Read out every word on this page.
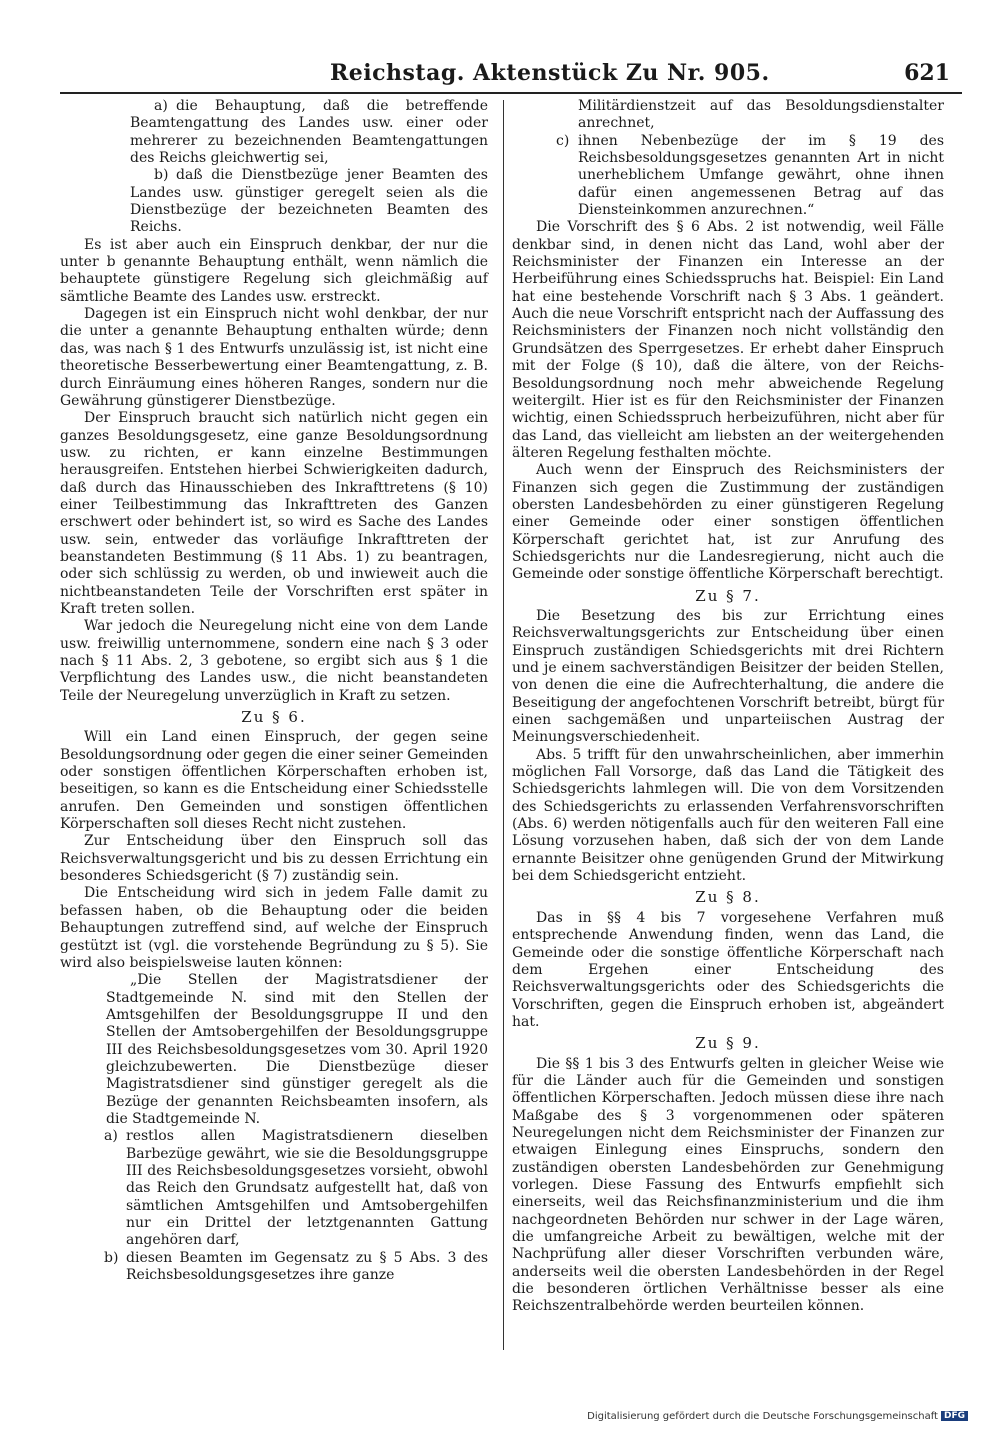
Reichstag. Aktenstück Zu Nr. 905.	621

a) die Behauptung, daß die betreffende Beamtengattung des Landes usw. einer oder mehrerer zu bezeichnenden Beamtengattungen des Reichs gleichwertig sei,

b) daß die Dienstbezüge jener Beamten des Landes usw. günstiger geregelt seien als die Dienstbezüge der bezeichneten Beamten des Reichs.

Es ist aber auch ein Einspruch denkbar, der nur die unter b genannte Behauptung enthält, wenn nämlich die behauptete günstigere Regelung sich gleichmäßig auf sämtliche Beamte des Landes usw. erstreckt.

Dagegen ist ein Einspruch nicht wohl denkbar, der nur die unter a genannte Behauptung enthalten würde; denn das, was nach § 1 des Entwurfs unzulässig ist, ist nicht eine theoretische Besserbewertung einer Beamtengattung, z. B. durch Einräumung eines höheren Ranges, sondern nur die Gewährung günstigerer Dienstbezüge.

Der Einspruch braucht sich natürlich nicht gegen ein ganzes Besoldungsgesetz, eine ganze Besoldungsordnung usw. zu richten, er kann einzelne Bestimmungen herausgreifen. Entstehen hierbei Schwierigkeiten dadurch, daß durch das Hinausschieben des Inkrafttretens (§ 10) einer Teilbestimmung das Inkrafttreten des Ganzen erschwert oder behindert ist, so wird es Sache des Landes usw. sein, entweder das vorläufige Inkrafttreten der beanstandeten Bestimmung (§ 11 Abs. 1) zu beantragen, oder sich schlüssig zu werden, ob und inwieweit auch die nichtbeanstandeten Teile der Vorschriften erst später in Kraft treten sollen.

War jedoch die Neuregelung nicht eine von dem Lande usw. freiwillig unternommene, sondern eine nach § 3 oder nach § 11 Abs. 2, 3 gebotene, so ergibt sich aus § 1 die Verpflichtung des Landes usw., die nicht beanstandeten Teile der Neuregelung unverzüglich in Kraft zu setzen.

Zu § 6.

Will ein Land einen Einspruch, der gegen seine Besoldungsordnung oder gegen die einer seiner Gemeinden oder sonstigen öffentlichen Körperschaften erhoben ist, beseitigen, so kann es die Entscheidung einer Schiedsstelle anrufen. Den Gemeinden und sonstigen öffentlichen Körperschaften soll dieses Recht nicht zustehen.

Zur Entscheidung über den Einspruch soll das Reichsverwaltungsgericht und bis zu dessen Errichtung ein besonderes Schiedsgericht (§ 7) zuständig sein.

Die Entscheidung wird sich in jedem Falle damit zu befassen haben, ob die Behauptung oder die beiden Behauptungen zutreffend sind, auf welche der Einspruch gestützt ist (vgl. die vorstehende Begründung zu § 5). Sie wird also beispielsweise lauten können:

„Die Stellen der Magistratsdiener der Stadtgemeinde N. sind mit den Stellen der Amtsgehilfen der Besoldungsgruppe II und den Stellen der Amtsobergehilfen der Besoldungsgruppe III des Reichsbesoldungsgesetzes vom 30. April 1920 gleichzubewerten. Die Dienstbezüge dieser Magistratsdiener sind günstiger geregelt als die Bezüge der genannten Reichsbeamten insofern, als die Stadtgemeinde N.

a) restlos allen Magistratsdienern dieselben Barbezüge gewährt, wie sie die Besoldungsgruppe III des Reichsbesoldungsgesetzes vorsieht, obwohl das Reich den Grundsatz aufgestellt hat, daß von sämtlichen Amtsgehilfen und Amtsobergehilfen nur ein Drittel der letztgenannten Gattung angehören darf,

b) diesen Beamten im Gegensatz zu § 5 Abs. 3 des Reichsbesoldungsgesetzes ihre ganze

Militärdienstzeit auf das Besoldungsdienstalter anrechnet,

c) ihnen Nebenbezüge der im § 19 des Reichsbesoldungsgesetzes genannten Art in nicht unerheblichem Umfange gewährt, ohne ihnen dafür einen angemessenen Betrag auf das Diensteinkommen anzurechnen.“

Die Vorschrift des § 6 Abs. 2 ist notwendig, weil Fälle denkbar sind, in denen nicht das Land, wohl aber der Reichsminister der Finanzen ein Interesse an der Herbeiführung eines Schiedsspruchs hat. Beispiel: Ein Land hat eine bestehende Vorschrift nach § 3 Abs. 1 geändert. Auch die neue Vorschrift entspricht nach der Auffassung des Reichsministers der Finanzen noch nicht vollständig den Grundsätzen des Sperrgesetzes. Er erhebt daher Einspruch mit der Folge (§ 10), daß die ältere, von der Reichs-Besoldungsordnung noch mehr abweichende Regelung weitergilt. Hier ist es für den Reichsminister der Finanzen wichtig, einen Schiedsspruch herbeizuführen, nicht aber für das Land, das vielleicht am liebsten an der weitergehenden älteren Regelung festhalten möchte.

Auch wenn der Einspruch des Reichsministers der Finanzen sich gegen die Zustimmung der zuständigen obersten Landesbehörden zu einer günstigeren Regelung einer Gemeinde oder einer sonstigen öffentlichen Körperschaft gerichtet hat, ist zur Anrufung des Schiedsgerichts nur die Landesregierung, nicht auch die Gemeinde oder sonstige öffentliche Körperschaft berechtigt.

Zu § 7.

Die Besetzung des bis zur Errichtung eines Reichsverwaltungsgerichts zur Entscheidung über einen Einspruch zuständigen Schiedsgerichts mit drei Richtern und je einem sachverständigen Beisitzer der beiden Stellen, von denen die eine die Aufrechterhaltung, die andere die Beseitigung der angefochtenen Vorschrift betreibt, bürgt für einen sachgemäßen und unparteiischen Austrag der Meinungsverschiedenheit.

Abs. 5 trifft für den unwahrscheinlichen, aber immerhin möglichen Fall Vorsorge, daß das Land die Tätigkeit des Schiedsgerichts lahmlegen will. Die von dem Vorsitzenden des Schiedsgerichts zu erlassenden Verfahrensvorschriften (Abs. 6) werden nötigenfalls auch für den weiteren Fall eine Lösung vorzusehen haben, daß sich der von dem Lande ernannte Beisitzer ohne genügenden Grund der Mitwirkung bei dem Schiedsgericht entzieht.

Zu § 8.

Das in §§ 4 bis 7 vorgesehene Verfahren muß entsprechende Anwendung finden, wenn das Land, die Gemeinde oder die sonstige öffentliche Körperschaft nach dem Ergehen einer Entscheidung des Reichsverwaltungsgerichts oder des Schiedsgerichts die Vorschriften, gegen die Einspruch erhoben ist, abgeändert hat.

Zu § 9.

Die §§ 1 bis 3 des Entwurfs gelten in gleicher Weise wie für die Länder auch für die Gemeinden und sonstigen öffentlichen Körperschaften. Jedoch müssen diese ihre nach Maßgabe des § 3 vorgenommenen oder späteren Neuregelungen nicht dem Reichsminister der Finanzen zur etwaigen Einlegung eines Einspruchs, sondern den zuständigen obersten Landesbehörden zur Genehmigung vorlegen. Diese Fassung des Entwurfs empfiehlt sich einerseits, weil das Reichsfinanzministerium und die ihm nachgeordneten Behörden nur schwer in der Lage wären, die umfangreiche Arbeit zu bewältigen, welche mit der Nachprüfung aller dieser Vorschriften verbunden wäre, anderseits weil die obersten Landesbehörden in der Regel die besonderen örtlichen Verhältnisse besser als eine Reichszentralbehörde werden beurteilen können.

Digitalisierung gefördert durch die Deutsche Forschungsgemeinschaft DFG
